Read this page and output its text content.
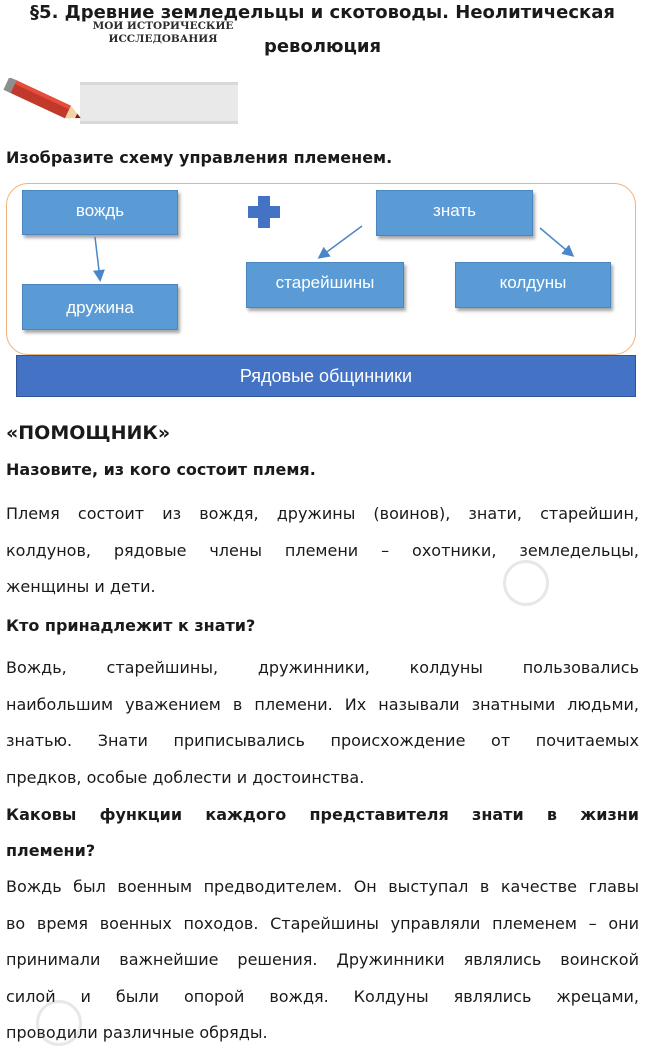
§5. Древние земледельцы и скотоводы. Неолитическая
революция
МОИ ИСТОРИЧЕСКИЕ
ИССЛЕДОВАНИЯ
Изобразите схему управления племенем.
вождь
дружина
знать
старейшины	колдуны
Рядовые общинники
«ПОМОЩНИК»
Назовите, из кого состоит племя.
Племя состоит из вождя, дружины (воинов), знати, старейшин,
колдунов, рядовые члены племени – охотники, земледельцы,
женщины и дети.
Кто принадлежит к знати?
Вождь, старейшины, дружинники, колдуны пользовались
наибольшим уважением в племени. Их называли знатными людьми,
знатью. Знати приписывались происхождение от почитаемых
предков, особые доблести и достоинства.
Каковы функции каждого представителя знати в жизни
племени?
Вождь был военным предводителем. Он выступал в качестве главы
во время военных походов. Старейшины управляли племенем – они
принимали важнейшие решения. Дружинники являлись воинской
силой и были опорой вождя. Колдуны являлись жрецами,
проводили различные обряды.
